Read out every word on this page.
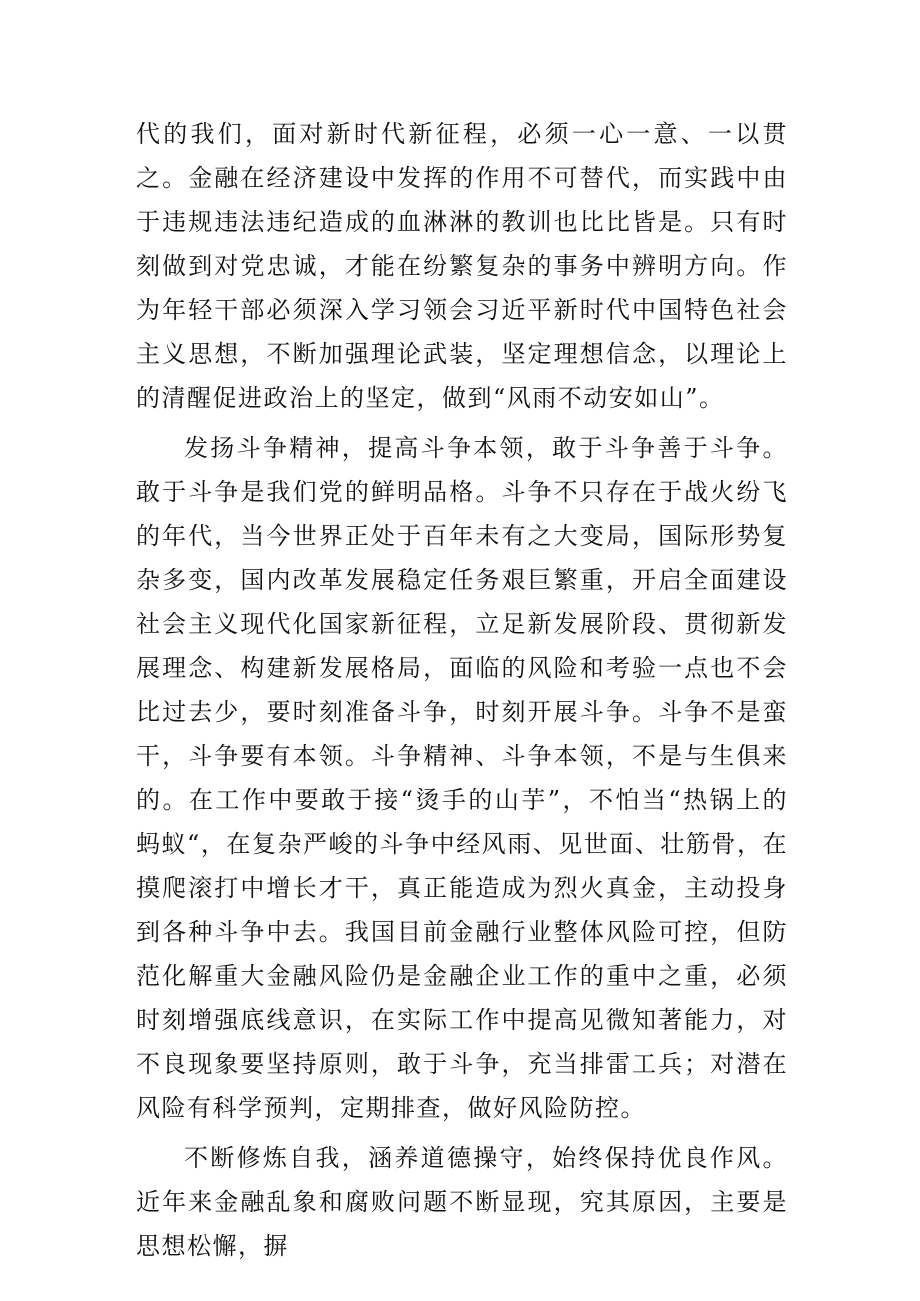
代的我们，面对新时代新征程，必须一心一意、一以贯之。金融在经济建设中发挥的作用不可替代，而实践中由于违规违法违纪造成的血淋淋的教训也比比皆是。只有时刻做到对党忠诚，才能在纷繁复杂的事务中辨明方向。作为年轻干部必须深入学习领会习近平新时代中国特色社会主义思想，不断加强理论武装，坚定理想信念，以理论上的清醒促进政治上的坚定，做到“风雨不动安如山”。

发扬斗争精神，提高斗争本领，敢于斗争善于斗争。敢于斗争是我们党的鲜明品格。斗争不只存在于战火纷飞的年代，当今世界正处于百年未有之大变局，国际形势复杂多变，国内改革发展稳定任务艰巨繁重，开启全面建设社会主义现代化国家新征程，立足新发展阶段、贯彻新发展理念、构建新发展格局，面临的风险和考验一点也不会比过去少，要时刻准备斗争，时刻开展斗争。斗争不是蛮干，斗争要有本领。斗争精神、斗争本领，不是与生俱来的。在工作中要敢于接“烫手的山芋”，不怕当“热锅上的蚂蚁“，在复杂严峻的斗争中经风雨、见世面、壮筋骨，在摸爬滚打中增长才干，真正能造成为烈火真金，主动投身到各种斗争中去。我国目前金融行业整体风险可控，但防范化解重大金融风险仍是金融企业工作的重中之重，必须时刻增强底线意识，在实际工作中提高见微知著能力，对不良现象要坚持原则，敢于斗争，充当排雷工兵；对潜在风险有科学预判，定期排查，做好风险防控。

不断修炼自我，涵养道德操守，始终保持优良作风。近年来金融乱象和腐败问题不断显现，究其原因，主要是思想松懈，摒
